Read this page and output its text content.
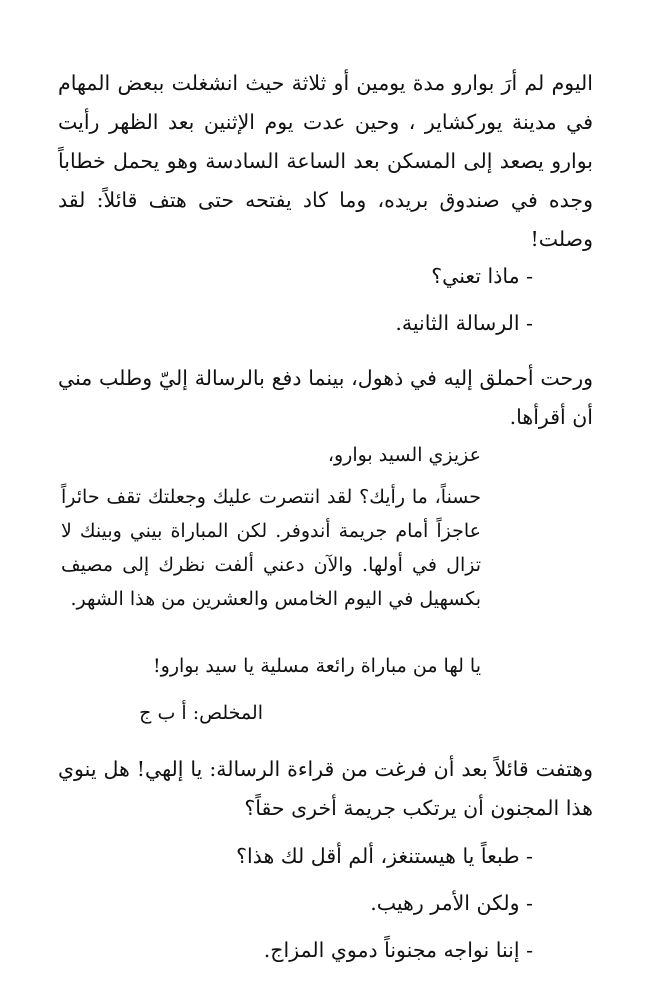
اليوم لم أرَ بوارو مدة يومين أو ثلاثة حيث انشغلت ببعض المهام في مدينة يوركشاير ، وحين عدت يوم الإثنين بعد الظهر رأيت بوارو يصعد إلى المسكن بعد الساعة السادسة وهو يحمل خطاباً وجده في صندوق بريده، وما كاد يفتحه حتى هتف قائلاً: لقد وصلت!

- ماذا تعني؟

- الرسالة الثانية.

ورحت أحملق إليه في ذهول، بينما دفع بالرسالة إليّ وطلب مني أن أقرأها.

عزيزي السيد بوارو،

حسناً، ما رأيك؟ لقد انتصرت عليك وجعلتك تقف حائراً عاجزاً أمام جريمة أندوفر. لكن المباراة بيني وبينك لا تزال في أولها. والآن دعني ألفت نظرك إلى مصيف بكسهيل في اليوم الخامس والعشرين من هذا الشهر.

يا لها من مباراة رائعة مسلية يا سيد بوارو!

المخلص: أ ب ج

وهتفت قائلاً بعد أن فرغت من قراءة الرسالة: يا إلهي! هل ينوي هذا المجنون أن يرتكب جريمة أخرى حقاً؟

- طبعاً يا هيستنغز، ألم أقل لك هذا؟

- ولكن الأمر رهيب.

- إننا نواجه مجنوناً دموي المزاج.
